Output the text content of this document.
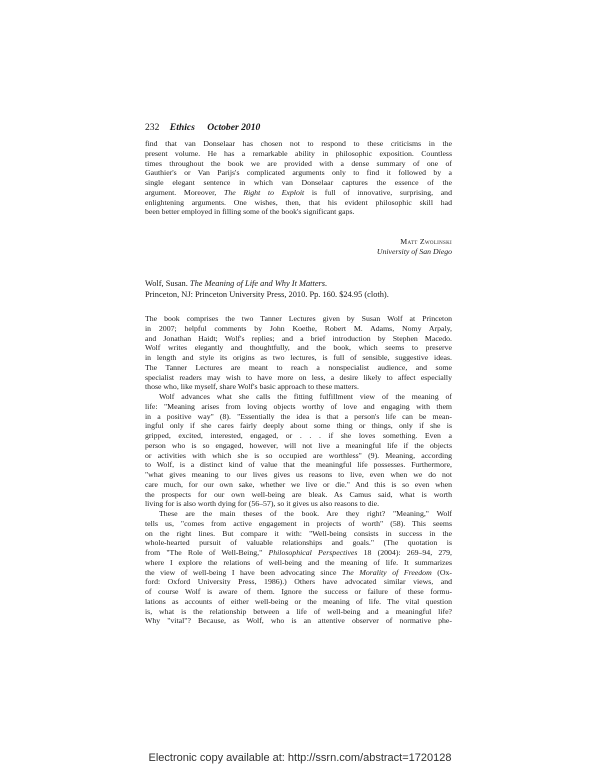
232 Ethics October 2010

find that van Donselaar has chosen not to respond to these criticisms in the

present volume. He has a remarkable ability in philosophic exposition. Countless

times throughout the book we are provided with a dense summary of one of

Gauthier's or Van Parijs's complicated arguments only to find it followed by a

single elegant sentence in which van Donselaar captures the essence of the

argument. Moreover, The Right to Exploit is full of innovative, surprising, and

enlightening arguments. One wishes, then, that his evident philosophic skill had

been better employed in filling some of the book's significant gaps.

Matt Zwolinski
University of San Diego
Wolf, Susan. The Meaning of Life and Why It Matters.
Princeton, NJ: Princeton University Press, 2010. Pp. 160. $24.95 (cloth).

The book comprises the two Tanner Lectures given by Susan Wolf at Princeton

in 2007; helpful comments by John Koethe, Robert M. Adams, Nomy Arpaly,

and Jonathan Haidt; Wolf's replies; and a brief introduction by Stephen Macedo.

Wolf writes elegantly and thoughtfully, and the book, which seems to preserve

in length and style its origins as two lectures, is full of sensible, suggestive ideas.

The Tanner Lectures are meant to reach a nonspecialist audience, and some

specialist readers may wish to have more on less, a desire likely to affect especially

those who, like myself, share Wolf's basic approach to these matters.

Wolf advances what she calls the fitting fulfillment view of the meaning of

life: "Meaning arises from loving objects worthy of love and engaging with them

in a positive way" (8). "Essentially the idea is that a person's life can be mean-

ingful only if she cares fairly deeply about some thing or things, only if she is

gripped, excited, interested, engaged, or . . . if she loves something. Even a

person who is so engaged, however, will not live a meaningful life if the objects

or activities with which she is so occupied are worthless" (9). Meaning, according

to Wolf, is a distinct kind of value that the meaningful life possesses. Furthermore,

"what gives meaning to our lives gives us reasons to live, even when we do not

care much, for our own sake, whether we live or die." And this is so even when

the prospects for our own well-being are bleak. As Camus said, what is worth

living for is also worth dying for (56–57), so it gives us also reasons to die.

These are the main theses of the book. Are they right? "Meaning," Wolf

tells us, "comes from active engagement in projects of worth" (58). This seems

on the right lines. But compare it with: "Well-being consists in success in the

whole-hearted pursuit of valuable relationships and goals." (The quotation is

from "The Role of Well-Being," Philosophical Perspectives 18 (2004): 269–94, 279,

where I explore the relations of well-being and the meaning of life. It summarizes

the view of well-being I have been advocating since The Morality of Freedom (Ox-

ford: Oxford University Press, 1986).) Others have advocated similar views, and

of course Wolf is aware of them. Ignore the success or failure of these formu-

lations as accounts of either well-being or the meaning of life. The vital question

is, what is the relationship between a life of well-being and a meaningful life?

Why "vital"? Because, as Wolf, who is an attentive observer of normative phe-

Electronic copy available at: http://ssrn.com/abstract=1720128
